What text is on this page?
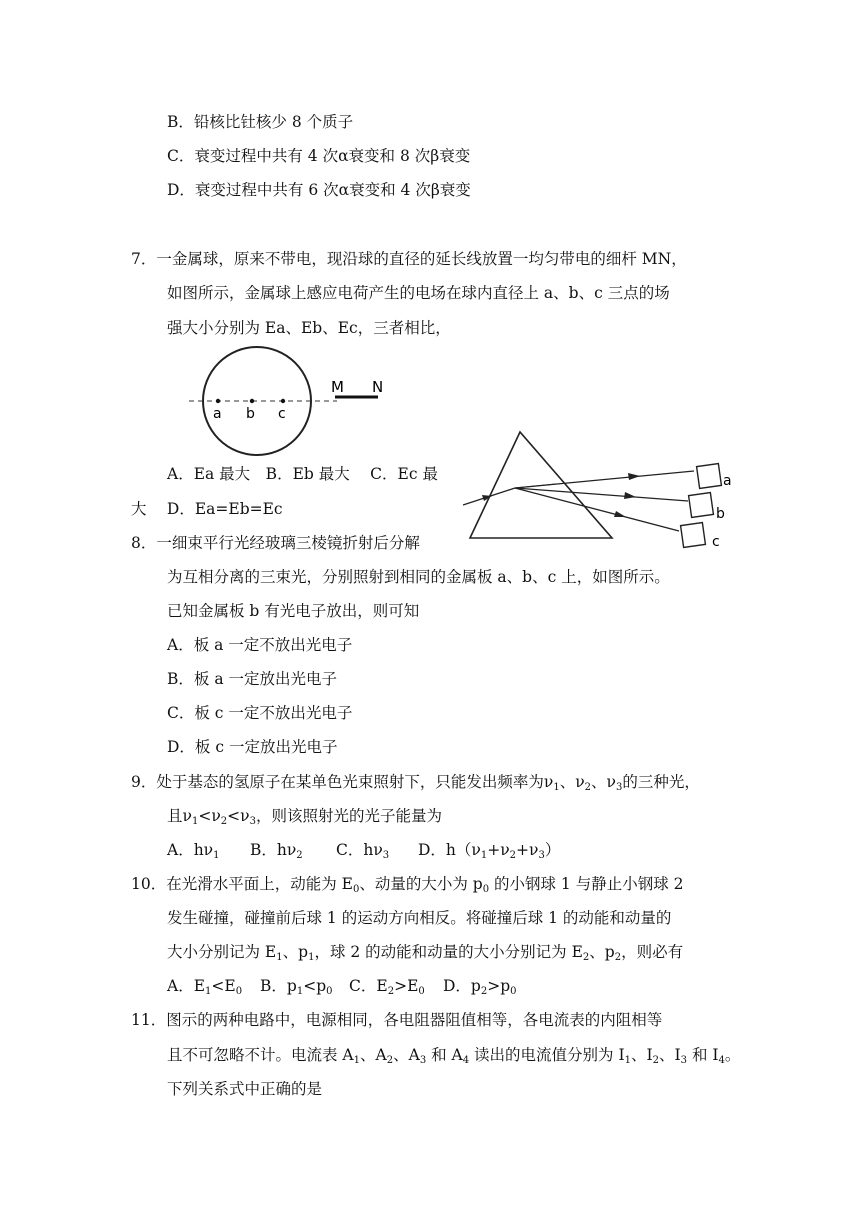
B．铅核比钍核少 8 个质子
C．衰变过程中共有 4 次α衰变和 8 次β衰变
D．衰变过程中共有 6 次α衰变和 4 次β衰变
7．一金属球，原来不带电，现沿球的直径的延长线放置一均匀带电的细杆 MN，
如图所示，金属球上感应电荷产生的电场在球内直径上 a、b、c 三点的场
强大小分别为 Ea、Eb、Ec，三者相比，
a b c
M N
A．Ea 最大　B．Eb 最大　 C．Ec 最
大　 D．Ea=Eb=Ec
a
b
c
8．一细束平行光经玻璃三棱镜折射后分解
为互相分离的三束光，分别照射到相同的金属板 a、b、c 上，如图所示。
已知金属板 b 有光电子放出，则可知
A．板 a 一定不放出光电子
B．板 a 一定放出光电子
C．板 c 一定不放出光电子
D．板 c 一定放出光电子
9．处于基态的氢原子在某单色光束照射下，只能发出频率为$\nu_1$、$\nu_2$、$\nu_3$的三种光，
且$\nu_1<\nu_2<\nu_3$，则该照射光的光子能量为
A．$h\nu_1$ B．$h\nu_2$ C．$h\nu_3$ D．$h(\nu_1+\nu_2+\nu_3)$
10．在光滑水平面上，动能为 $E_0$、动量的大小为 $p_0$ 的小钢球 1 与静止小钢球 2
发生碰撞，碰撞前后球 1 的运动方向相反。将碰撞后球 1 的动能和动量的
大小分别记为 $E_1$、$p_1$，球 2 的动能和动量的大小分别记为 $E_2$、$p_2$，则必有
A．$E_1<E_0$ B．$p_1<p_0$ C．$E_2>E_0$ D．$p_2>p_0$
11．图示的两种电路中，电源相同，各电阻器阻值相等，各电流表的内阻相等
且不可忽略不计。电流表 $A_1$、$A_2$、$A_3$ 和 $A_4$ 读出的电流值分别为 $I_1$、$I_2$、$I_3$ 和 $I_4$。
下列关系式中正确的是
